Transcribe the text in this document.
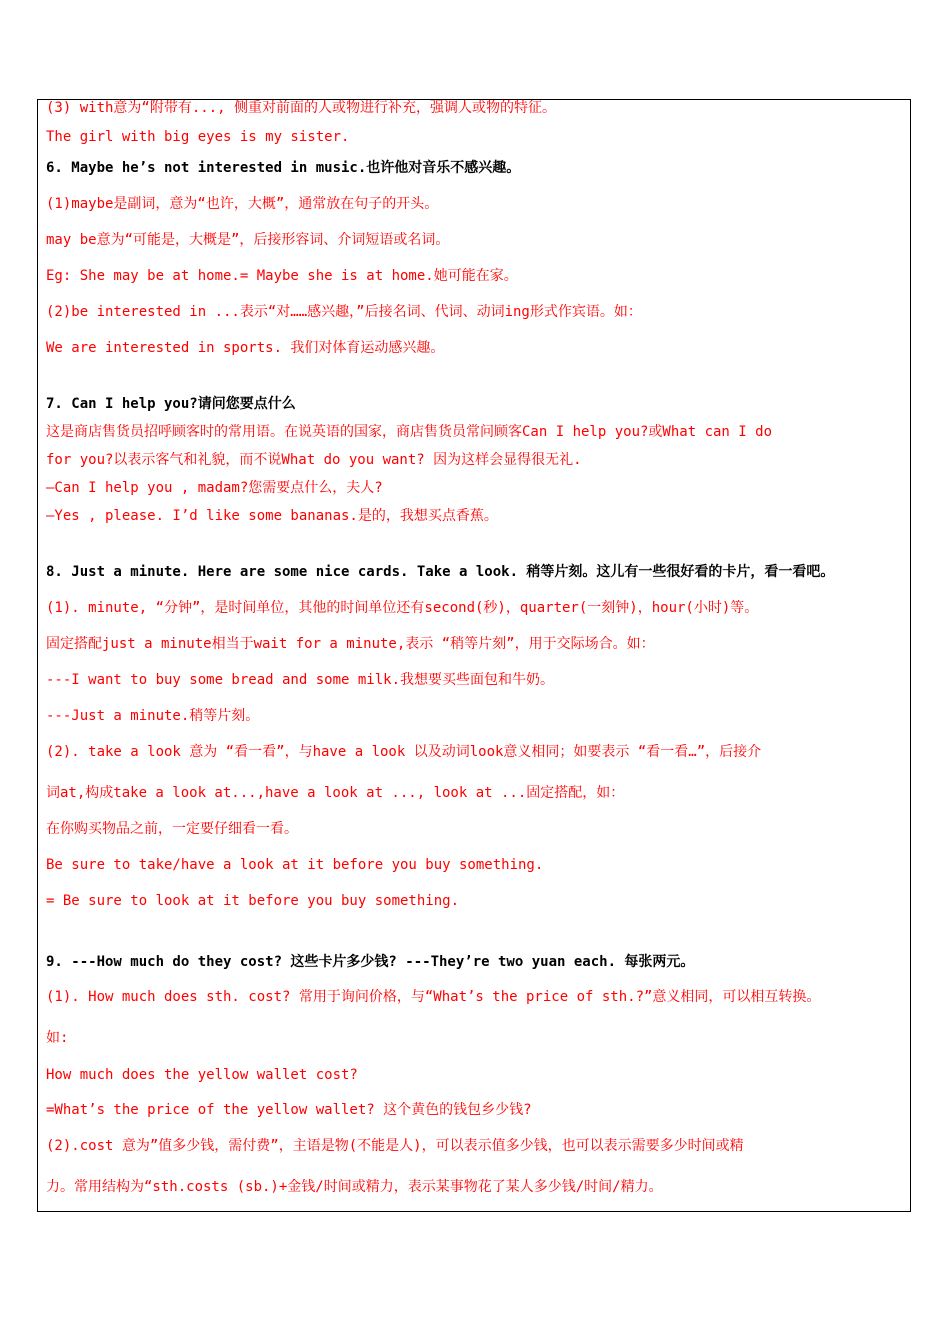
(3) with意为“附带有..., 侧重对前面的人或物进行补充，强调人或物的特征。
The girl with big eyes is my sister.
6. Maybe he’s not interested in music.也许他对音乐不感兴趣。
(1)maybe是副词，意为“也许，大概”，通常放在句子的开头。
may be意为“可能是，大概是”，后接形容词、介词短语或名词。
Eg: She may be at home.= Maybe she is at home.她可能在家。
(2)be interested in ...表示“对……感兴趣，”后接名词、代词、动词ing形式作宾语。如：
We are interested in sports. 我们对体育运动感兴趣。
7. Can I help you?请问您要点什么
这是商店售货员招呼顾客时的常用语。在说英语的国家，商店售货员常问顾客Can I help you?或What can I do
for you?以表示客气和礼貌，而不说What do you want? 因为这样会显得很无礼.
—Can I help you , madam?您需要点什么，夫人?
—Yes , please. I’d like some bananas.是的，我想买点香蕉。
8. Just a minute. Here are some nice cards. Take a look. 稍等片刻。这儿有一些很好看的卡片，看一看吧。
(1). minute, “分钟”，是时间单位，其他的时间单位还有second(秒)，quarter(一刻钟)，hour(小时)等。
固定搭配just a minute相当于wait for a minute,表示 “稍等片刻”，用于交际场合。如：
---I want to buy some bread and some milk.我想要买些面包和牛奶。
---Just a minute.稍等片刻。
(2). take a look 意为 “看一看”，与have a look 以及动词look意义相同；如要表示 “看一看…”，后接介
词at,构成take a look at...,have a look at ..., look at ...固定搭配，如：
在你购买物品之前，一定要仔细看一看。
Be sure to take/have a look at it before you buy something.
= Be sure to look at it before you buy something.
9. ---How much do they cost? 这些卡片多少钱? ---They’re two yuan each. 每张两元。
(1). How much does sth. cost? 常用于询问价格，与“What’s the price of sth.?”意义相同，可以相互转换。
如:
How much does the yellow wallet cost?
=What’s the price of the yellow wallet? 这个黄色的钱包乡少钱?
(2).cost 意为”值多少钱，需付费”，主语是物(不能是人)，可以表示值多少钱，也可以表示需要多少时间或精
力。常用结构为“sth.costs (sb.)+金钱/时间或精力，表示某事物花了某人多少钱/时间/精力。
